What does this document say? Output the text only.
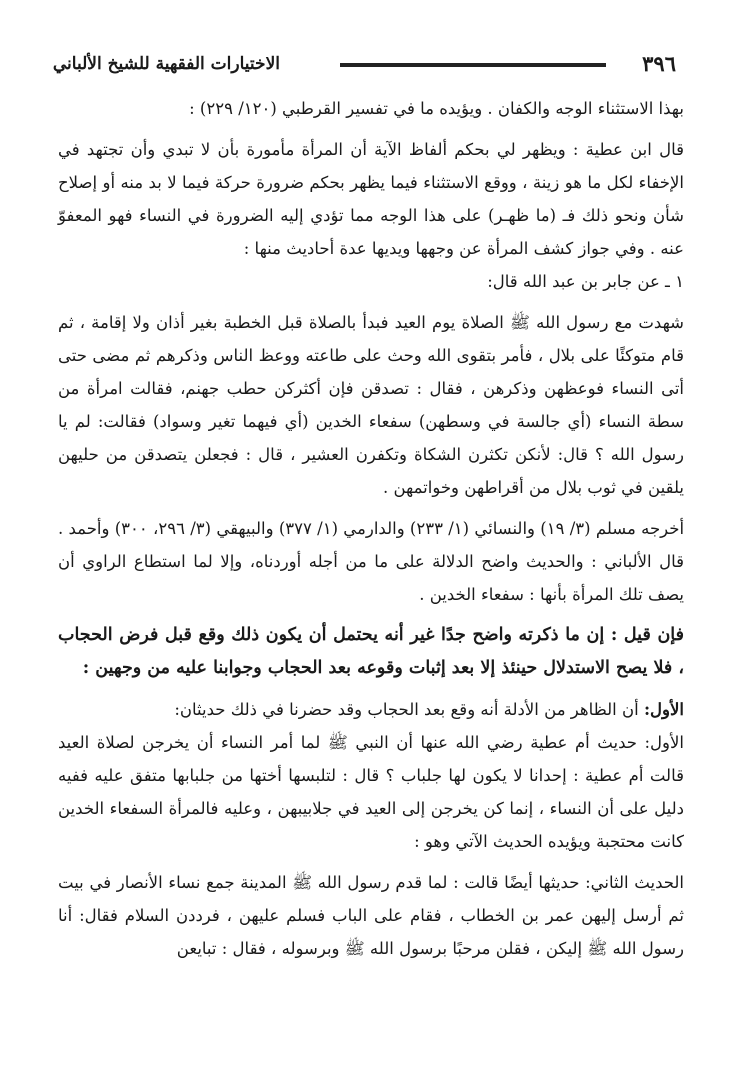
٣٩٦
الاختيارات الفقهية للشيخ الألباني

بهذا الاستثناء الوجه والكفان . ويؤيده ما في تفسير القرطبي (١٢٠/ ٢٢٩) :

قال ابن عطية : ويظهر لي بحكم ألفاظ الآية أن المرأة مأمورة بأن لا تبدي وأن تجتهد في الإخفاء لكل ما هو زينة ، ووقع الاستثناء فيما يظهر بحكم ضرورة حركة فيما لا بد منه أو إصلاح شأن ونحو ذلك فـ (ما ظهـر) على هذا الوجه مما تؤدي إليه الضرورة في النساء فهو المعفوّ عنه . وفي جواز كشف المرأة عن وجهها ويديها عدة أحاديث منها :

١ ـ عن جابر بن عبد الله قال:

شهدت مع رسول الله ﷺ الصلاة يوم العيد فبدأ بالصلاة قبل الخطبة بغير أذان ولا إقامة ، ثم قام متوكئًا على بلال ، فأمر بتقوى الله وحث على طاعته ووعظ الناس وذكرهم ثم مضى حتى أتى النساء فوعظهن وذكرهن ، فقال : تصدقن فإن أكثركن حطب جهنم، فقالت امرأة من سطة النساء (أي جالسة في وسطهن) سفعاء الخدين (أي فيهما تغير وسواد) فقالت: لم يا رسول الله ؟ قال: لأنكن تكثرن الشكاة وتكفرن العشير ، قال : فجعلن يتصدقن من حليهن يلقين في ثوب بلال من أقراطهن وخواتمهن .

أخرجه مسلم (٣/ ١٩) والنسائي (١/ ٢٣٣) والدارمي (١/ ٣٧٧) والبيهقي (٣/ ٢٩٦، ٣٠٠) وأحمد . قال الألباني : والحديث واضح الدلالة على ما من أجله أوردناه، وإلا لما استطاع الراوي أن يصف تلك المرأة بأنها : سفعاء الخدين .

فإن قيل : إن ما ذكرته واضح جدًا غير أنه يحتمل أن يكون ذلك وقع قبل فرض الحجاب ، فلا يصح الاستدلال حينئذ إلا بعد إثبات وقوعه بعد الحجاب وجوابنا عليه من وجهين :

الأول: أن الظاهر من الأدلة أنه وقع بعد الحجاب وقد حضرنا في ذلك حديثان:

الأول: حديث أم عطية رضي الله عنها أن النبي ﷺ لما أمر النساء أن يخرجن لصلاة العيد قالت أم عطية : إحدانا لا يكون لها جلباب ؟ قال : لتلبسها أختها من جلبابها متفق عليه ففيه دليل على أن النساء ، إنما كن يخرجن إلى العيد في جلابيبهن ، وعليه فالمرأة السفعاء الخدين كانت محتجبة ويؤيده الحديث الآتي وهو :

الحديث الثاني: حديثها أيضًا قالت : لما قدم رسول الله ﷺ المدينة جمع نساء الأنصار في بيت ثم أرسل إليهن عمر بن الخطاب ، فقام على الباب فسلم عليهن ، فرددن السلام فقال: أنا رسول الله ﷺ إليكن ، فقلن مرحبًا برسول الله ﷺ وبرسوله ، فقال : تبايعن
